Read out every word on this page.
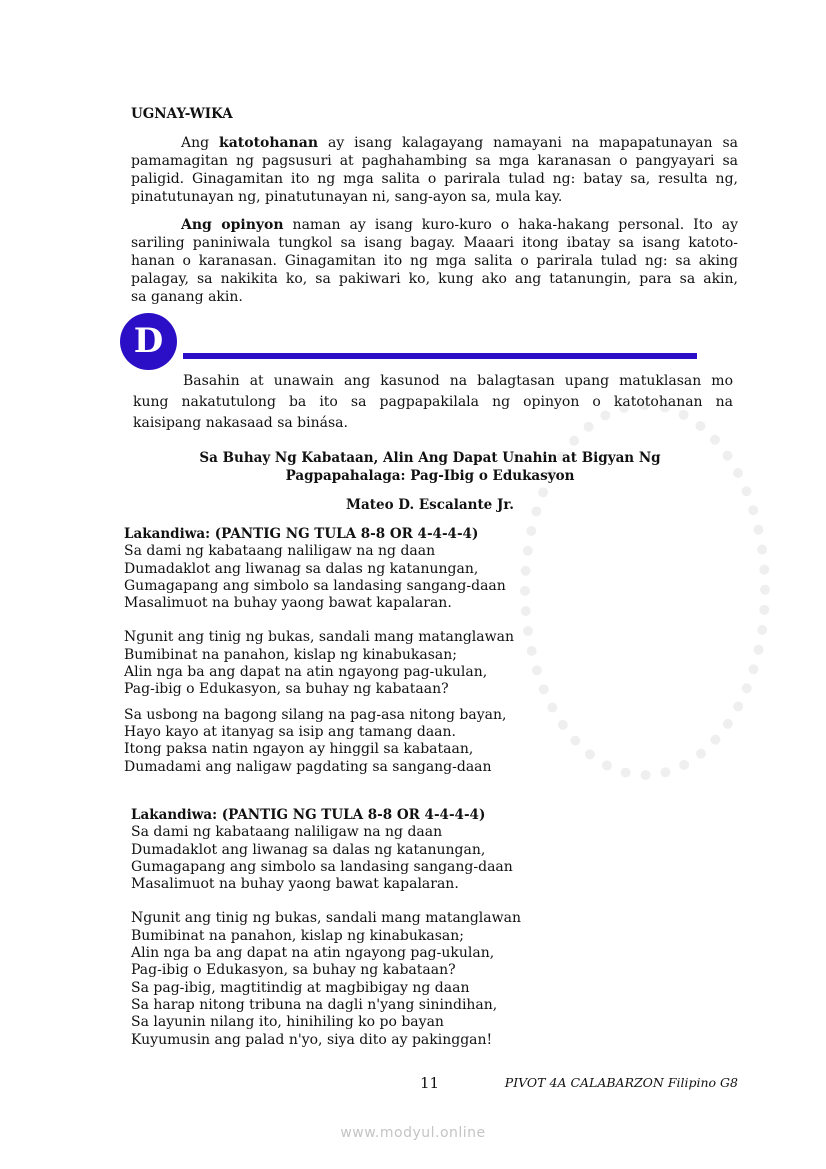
UGNAY-WIKA
Ang katotohanan ay isang kalagayang namayani na mapapatunayan sa
pamamagitan ng pagsusuri at paghahambing sa mga karanasan o pangyayari sa
paligid. Ginagamitan ito ng mga salita o parirala tulad ng: batay sa, resulta ng,
pinatutunayan ng, pinatutunayan ni, sang-ayon sa, mula kay.
Ang opinyon naman ay isang kuro-kuro o haka-hakang personal. Ito ay
sariling paniniwala tungkol sa isang bagay. Maaari itong ibatay sa isang katoto-
hanan o karanasan. Ginagamitan ito ng mga salita o parirala tulad ng: sa aking
palagay, sa nakikita ko, sa pakiwari ko, kung ako ang tatanungin, para sa akin,
sa ganang akin.
D
Basahin at unawain ang kasunod na balagtasan upang matuklasan mo
kung nakatutulong ba ito sa pagpapakilala ng opinyon o katotohanan na
kaisipang nakasaad sa binása.
Sa Buhay Ng Kabataan, Alin Ang Dapat Unahin at Bigyan Ng
Pagpapahalaga: Pag-Ibig o Edukasyon
Mateo D. Escalante Jr.
Lakandiwa: (PANTIG NG TULA 8-8 OR 4-4-4-4)
Sa dami ng kabataang naliligaw na ng daan
Dumadaklot ang liwanag sa dalas ng katanungan,
Gumagapang ang simbolo sa landasing sangang-daan
Masalimuot na buhay yaong bawat kapalaran.
Ngunit ang tinig ng bukas, sandali mang matanglawan
Bumibinat na panahon, kislap ng kinabukasan;
Alin nga ba ang dapat na atin ngayong pag-ukulan,
Pag-ibig o Edukasyon, sa buhay ng kabataan?
Sa usbong na bagong silang na pag-asa nitong bayan,
Hayo kayo at itanyag sa isip ang tamang daan.
Itong paksa natin ngayon ay hinggil sa kabataan,
Dumadami ang naligaw pagdating sa sangang-daan
Lakandiwa: (PANTIG NG TULA 8-8 OR 4-4-4-4)
Sa dami ng kabataang naliligaw na ng daan
Dumadaklot ang liwanag sa dalas ng katanungan,
Gumagapang ang simbolo sa landasing sangang-daan
Masalimuot na buhay yaong bawat kapalaran.
Ngunit ang tinig ng bukas, sandali mang matanglawan
Bumibinat na panahon, kislap ng kinabukasan;
Alin nga ba ang dapat na atin ngayong pag-ukulan,
Pag-ibig o Edukasyon, sa buhay ng kabataan?
Sa pag-ibig, magtitindig at magbibigay ng daan
Sa harap nitong tribuna na dagli n'yang sinindihan,
Sa layunin nilang ito, hinihiling ko po bayan
Kuyumusin ang palad n'yo, siya dito ay pakinggan!
11	PIVOT 4A CALABARZON Filipino G8
www.modyul.online
